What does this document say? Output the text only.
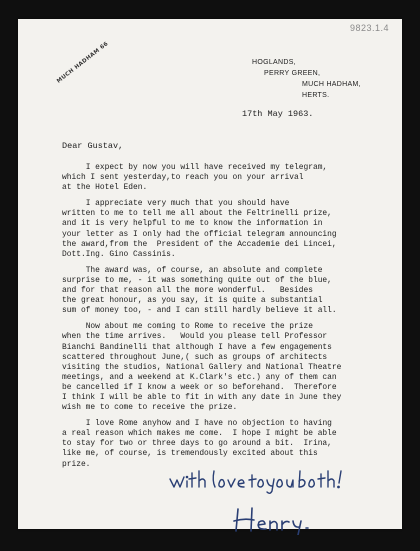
9823.1.4
MUCH HADHAM 66	HOGLANDS,
PERRY GREEN,
MUCH HADHAM,
HERTS.
17th May 1963.
Dear Gustav,

I expect by now you will have received my telegram,
which I sent yesterday,to reach you on your arrival
at the Hotel Eden.

I appreciate very much that you should have
written to me to tell me all about the Feltrinelli prize,
and it is very helpful to me to know the information in
your letter as I only had the official telegram announcing
the award,from the  President of the Accademie dei Lincei,
Dott.Ing. Gino Cassinis.

The award was, of course, an absolute and complete
surprise to me, - it was something quite out of the blue,
and for that reason all the more wonderful.   Besides
the great honour, as you say, it is quite a substantial
sum of money too, - and I can still hardly believe it all.

Now about me coming to Rome to receive the prize
when the time arrives.   Would you please tell Professor
Bianchi Bandinelli that although I have a few engagements
scattered throughout June,( such as groups of architects
visiting the studios, National Gallery and National Theatre
meetings, and a weekend at K.Clark's etc.) any of them can
be cancelled if I know a week or so beforehand.  Therefore
I think I will be able to fit in with any date in June they
wish me to come to receive the prize.

I love Rome anyhow and I have no objection to having
a real reason which makes me come.  I hope I might be able
to stay for two or three days to go around a bit.  Irina,
like me, of course, is tremendously excited about this
prize.
